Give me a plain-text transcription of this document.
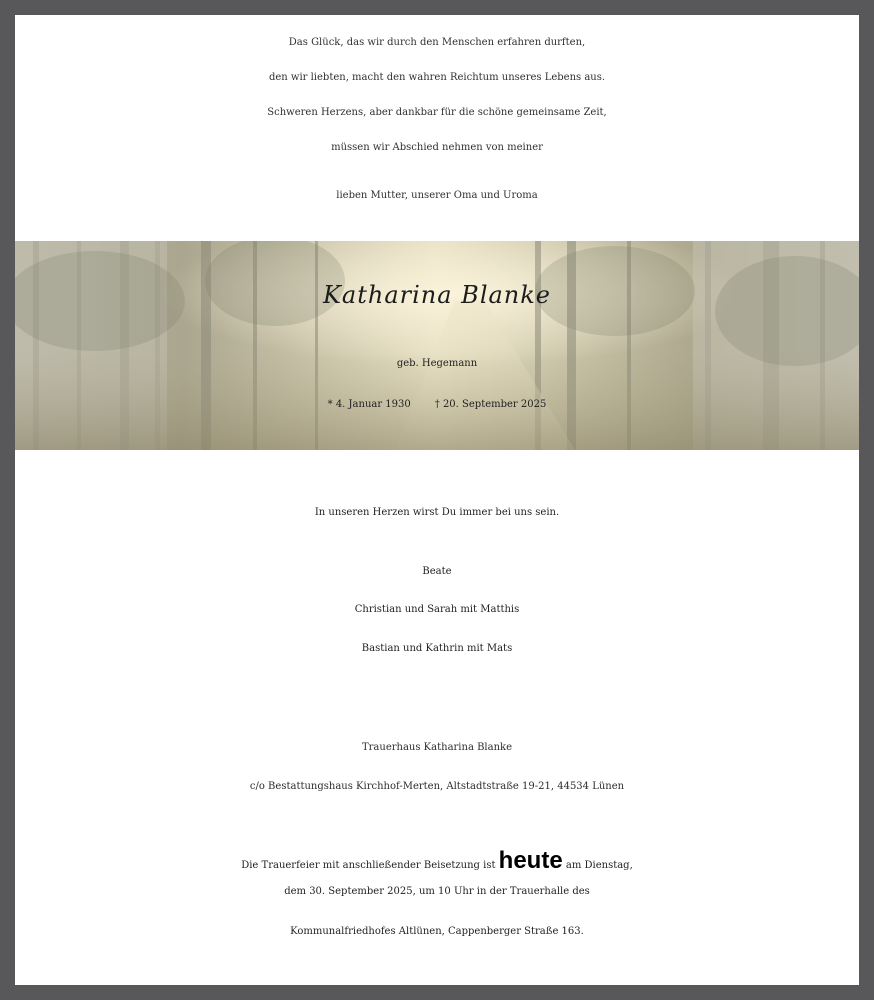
Das Glück, das wir durch den Menschen erfahren durften,
den wir liebten, macht den wahren Reichtum unseres Lebens aus.
Schweren Herzens, aber dankbar für die schöne gemeinsame Zeit,
müssen wir Abschied nehmen von meiner
lieben Mutter, unserer Oma und Uroma
Katharina Blanke
geb. Hegemann
* 4. Januar 1930 † 20. September 2025
In unseren Herzen wirst Du immer bei uns sein.
Beate
Christian und Sarah mit Matthis
Bastian und Kathrin mit Mats
Trauerhaus Katharina Blanke
c/o Bestattungshaus Kirchhof-Merten, Altstadtstraße 19-21, 44534 Lünen
Die Trauerfeier mit anschließender Beisetzung ist heute am Dienstag,
dem 30. September 2025, um 10 Uhr in der Trauerhalle des
Kommunalfriedhofes Altlünen, Cappenberger Straße 163.
